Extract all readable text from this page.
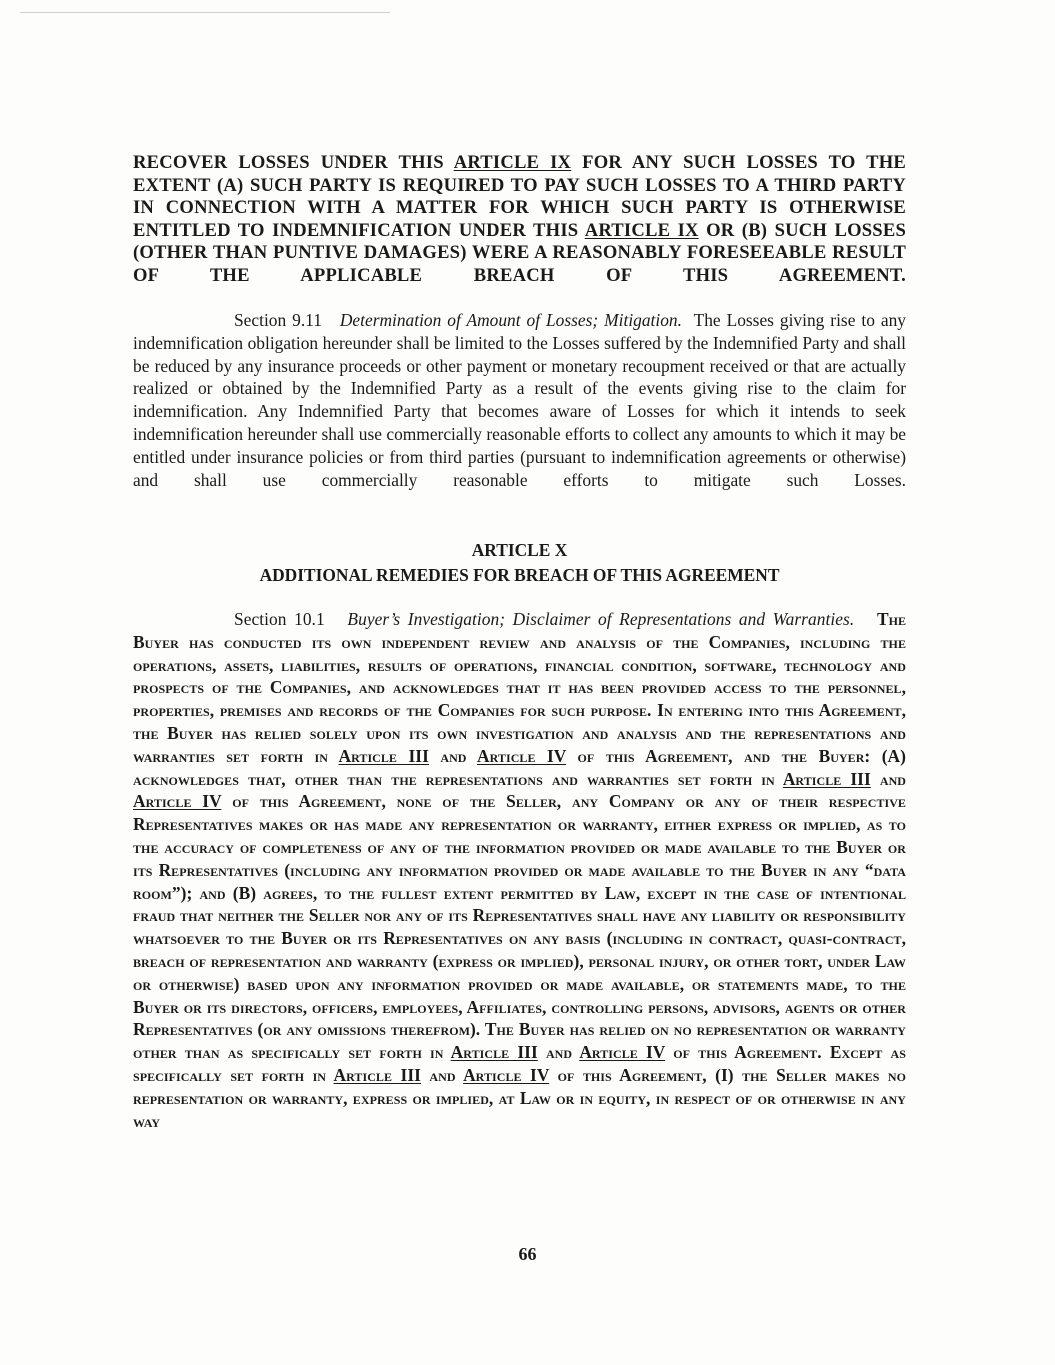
RECOVER LOSSES UNDER THIS ARTICLE IX FOR ANY SUCH LOSSES TO THE EXTENT (A) SUCH PARTY IS REQUIRED TO PAY SUCH LOSSES TO A THIRD PARTY IN CONNECTION WITH A MATTER FOR WHICH SUCH PARTY IS OTHERWISE ENTITLED TO INDEMNIFICATION UNDER THIS ARTICLE IX OR (B) SUCH LOSSES (OTHER THAN PUNTIVE DAMAGES) WERE A REASONABLY FORESEEABLE RESULT OF THE APPLICABLE BREACH OF THIS AGREEMENT.

Section 9.11 Determination of Amount of Losses; Mitigation. The Losses giving rise to any indemnification obligation hereunder shall be limited to the Losses suffered by the Indemnified Party and shall be reduced by any insurance proceeds or other payment or monetary recoupment received or that are actually realized or obtained by the Indemnified Party as a result of the events giving rise to the claim for indemnification. Any Indemnified Party that becomes aware of Losses for which it intends to seek indemnification hereunder shall use commercially reasonable efforts to collect any amounts to which it may be entitled under insurance policies or from third parties (pursuant to indemnification agreements or otherwise) and shall use commercially reasonable efforts to mitigate such Losses.

ARTICLE X
ADDITIONAL REMEDIES FOR BREACH OF THIS AGREEMENT

Section 10.1 Buyer’s Investigation; Disclaimer of Representations and Warranties. The Buyer has conducted its own independent review and analysis of the Companies, including the operations, assets, liabilities, results of operations, financial condition, software, technology and prospects of the Companies, and acknowledges that it has been provided access to the personnel, properties, premises and records of the Companies for such purpose. In entering into this Agreement, the Buyer has relied solely upon its own investigation and analysis and the representations and warranties set forth in Article III and Article IV of this Agreement, and the Buyer: (A) acknowledges that, other than the representations and warranties set forth in Article III and Article IV of this Agreement, none of the Seller, any Company or any of their respective Representatives makes or has made any representation or warranty, either express or implied, as to the accuracy of completeness of any of the information provided or made available to the Buyer or its Representatives (including any information provided or made available to the Buyer in any “data room”); and (B) agrees, to the fullest extent permitted by Law, except in the case of intentional fraud that neither the Seller nor any of its Representatives shall have any liability or responsibility whatsoever to the Buyer or its Representatives on any basis (including in contract, quasi-contract, breach of representation and warranty (express or implied), personal injury, or other tort, under Law or otherwise) based upon any information provided or made available, or statements made, to the Buyer or its directors, officers, employees, Affiliates, controlling persons, advisors, agents or other Representatives (or any omissions therefrom). The Buyer has relied on no representation or warranty other than as specifically set forth in Article III and Article IV of this Agreement. Except as specifically set forth in Article III and Article IV of this Agreement, (I) the Seller makes no representation or warranty, express or implied, at Law or in equity, in respect of or otherwise in any way

66
